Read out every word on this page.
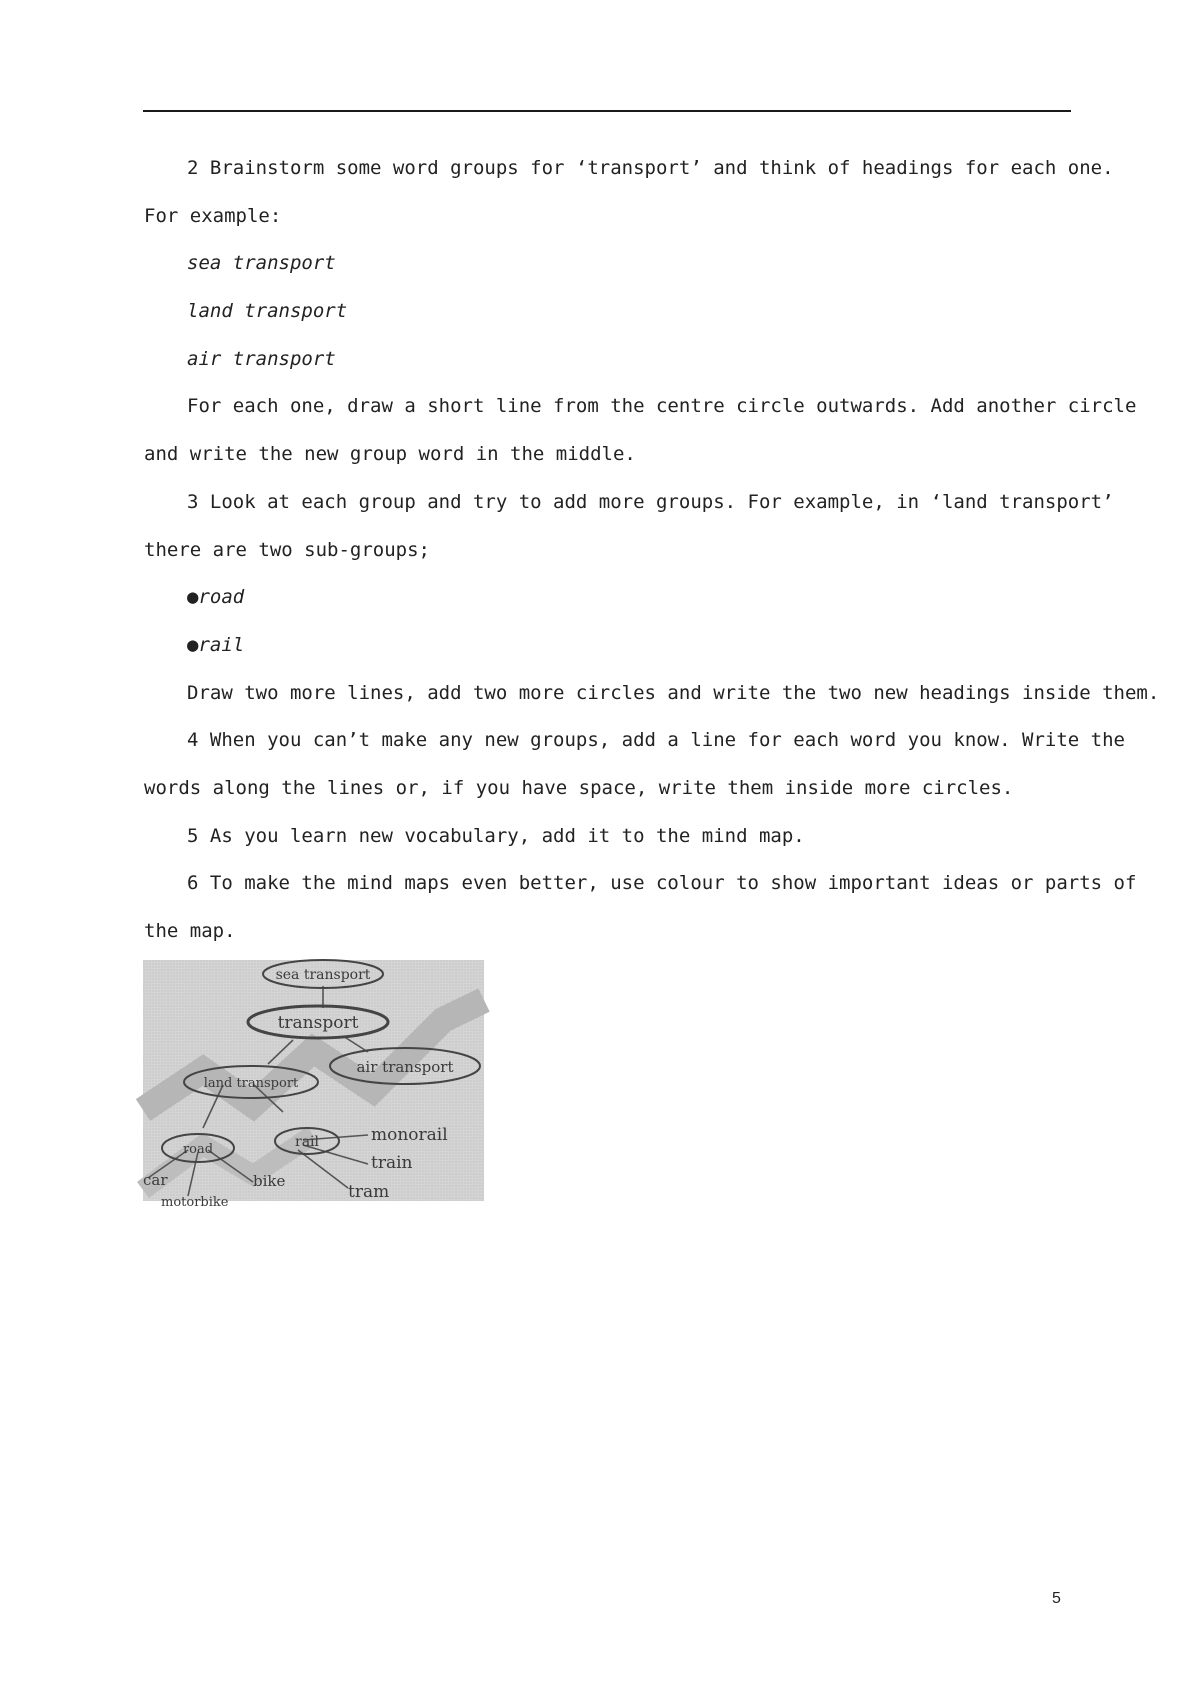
2 Brainstorm some word groups for ‘transport’ and think of headings for each one.
For example:
sea transport
land transport
air transport
For each one, draw a short line from the centre circle outwards. Add another circle
and write the new group word in the middle.
3 Look at each group and try to add more groups. For example, in ‘land transport’
there are two sub-groups;
●road
●rail
Draw two more lines, add two more circles and write the two new headings inside them.
4 When you can’t make any new groups, add a line for each word you know. Write the
words along the lines or, if you have space, write them inside more circles.
5 As you learn new vocabulary, add it to the mind map.
6 To make the mind maps even better, use colour to show important ideas or parts of
the map.
sea transport
transport
air transport
land transport
road	rail	monorail
train
tram
bike
car
motorbike
5
